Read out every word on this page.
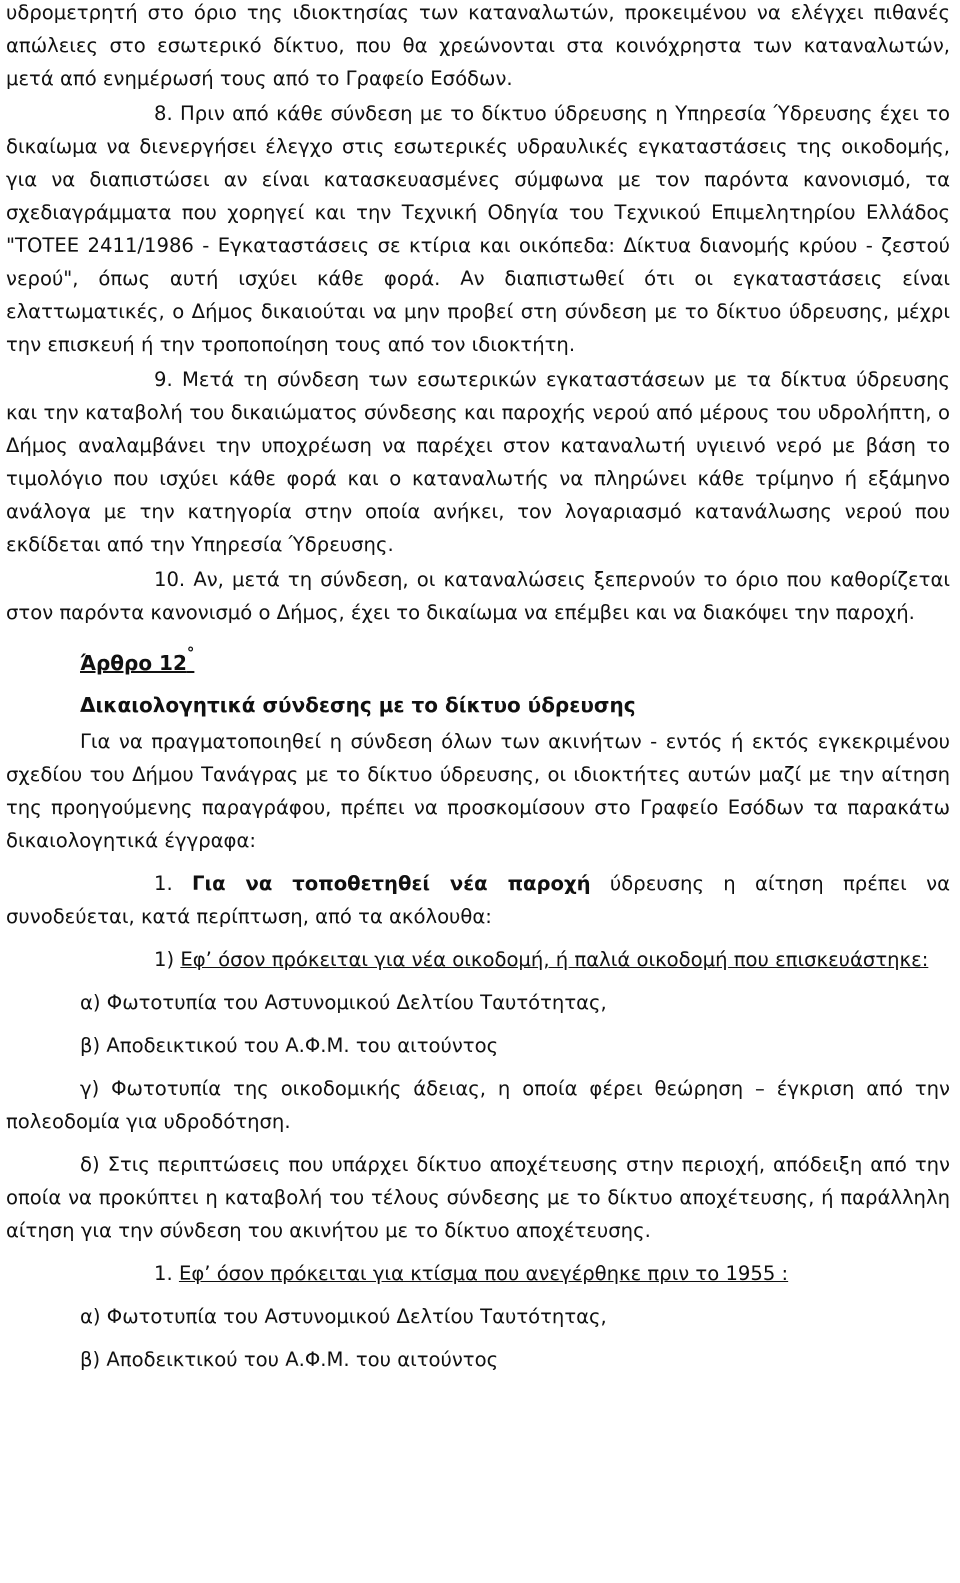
υδρομετρητή στο όριο της ιδιοκτησίας των καταναλωτών, προκειμένου να ελέγχει πιθανές απώλειες στο εσωτερικό δίκτυο, που θα χρεώνονται στα κοινόχρηστα των καταναλωτών, μετά από ενημέρωσή τους από το Γραφείο Εσόδων.

8. Πριν από κάθε σύνδεση με το δίκτυο ύδρευσης η Υπηρεσία Ύδρευσης έχει το δικαίωμα να διενεργήσει έλεγχο στις εσωτερικές υδραυλικές εγκαταστάσεις της οικοδομής, για να διαπιστώσει αν είναι κατασκευασμένες σύμφωνα με τον παρόντα κανονισμό, τα σχεδιαγράμματα που χορηγεί και την Τεχνική Οδηγία του Τεχνικού Επιμελητηρίου Ελλάδος "ΤΟΤΕΕ 2411/1986 - Εγκαταστάσεις σε κτίρια και οικόπεδα: Δίκτυα διανομής κρύου - ζεστού νερού", όπως αυτή ισχύει κάθε φορά. Αν διαπιστωθεί ότι οι εγκαταστάσεις είναι ελαττωματικές, ο Δήμος δικαιούται να μην προβεί στη σύνδεση με το δίκτυο ύδρευσης, μέχρι την επισκευή ή την τροποποίηση τους από τον ιδιοκτήτη.

9. Μετά τη σύνδεση των εσωτερικών εγκαταστάσεων με τα δίκτυα ύδρευσης και την καταβολή του δικαιώματος σύνδεσης και παροχής νερού από μέρους του υδρολήπτη, ο Δήμος αναλαμβάνει την υποχρέωση να παρέχει στον καταναλωτή υγιεινό νερό με βάση το τιμολόγιο που ισχύει κάθε φορά και ο καταναλωτής να πληρώνει κάθε τρίμηνο ή εξάμηνο ανάλογα με την κατηγορία στην οποία ανήκει, τον λογαριασμό κατανάλωσης νερού που εκδίδεται από την Υπηρεσία Ύδρευσης.

10. Αν, μετά τη σύνδεση, οι καταναλώσεις ξεπερνούν το όριο που καθορίζεται στον παρόντα κανονισμό ο Δήμος, έχει το δικαίωμα να επέμβει και να διακόψει την παροχή.

Άρθρο 12°
Δικαιολογητικά σύνδεσης με το δίκτυο ύδρευσης

Για να πραγματοποιηθεί η σύνδεση όλων των ακινήτων - εντός ή εκτός εγκεκριμένου σχεδίου του Δήμου Τανάγρας με το δίκτυο ύδρευσης, οι ιδιοκτήτες αυτών μαζί με την αίτηση της προηγούμενης παραγράφου, πρέπει να προσκομίσουν στο Γραφείο Εσόδων τα παρακάτω δικαιολογητικά έγγραφα:

1. Για να τοποθετηθεί νέα παροχή ύδρευσης η αίτηση πρέπει να συνοδεύεται, κατά περίπτωση, από τα ακόλουθα:

1) Εφ’ όσον πρόκειται για νέα οικοδομή, ή παλιά οικοδομή που επισκευάστηκε:

α) Φωτοτυπία του Αστυνομικού Δελτίου Ταυτότητας,

β) Αποδεικτικού του Α.Φ.Μ. του αιτούντος

γ) Φωτοτυπία της οικοδομικής άδειας, η οποία φέρει θεώρηση – έγκριση από την πολεοδομία για υδροδότηση.

δ) Στις περιπτώσεις που υπάρχει δίκτυο αποχέτευσης στην περιοχή, απόδειξη από την οποία να προκύπτει η καταβολή του τέλους σύνδεσης με το δίκτυο αποχέτευσης, ή παράλληλη αίτηση για την σύνδεση του ακινήτου με το δίκτυο αποχέτευσης.

1. Εφ’ όσον πρόκειται για κτίσμα που ανεγέρθηκε πριν το 1955 :

α) Φωτοτυπία του Αστυνομικού Δελτίου Ταυτότητας,

β) Αποδεικτικού του Α.Φ.Μ. του αιτούντος
